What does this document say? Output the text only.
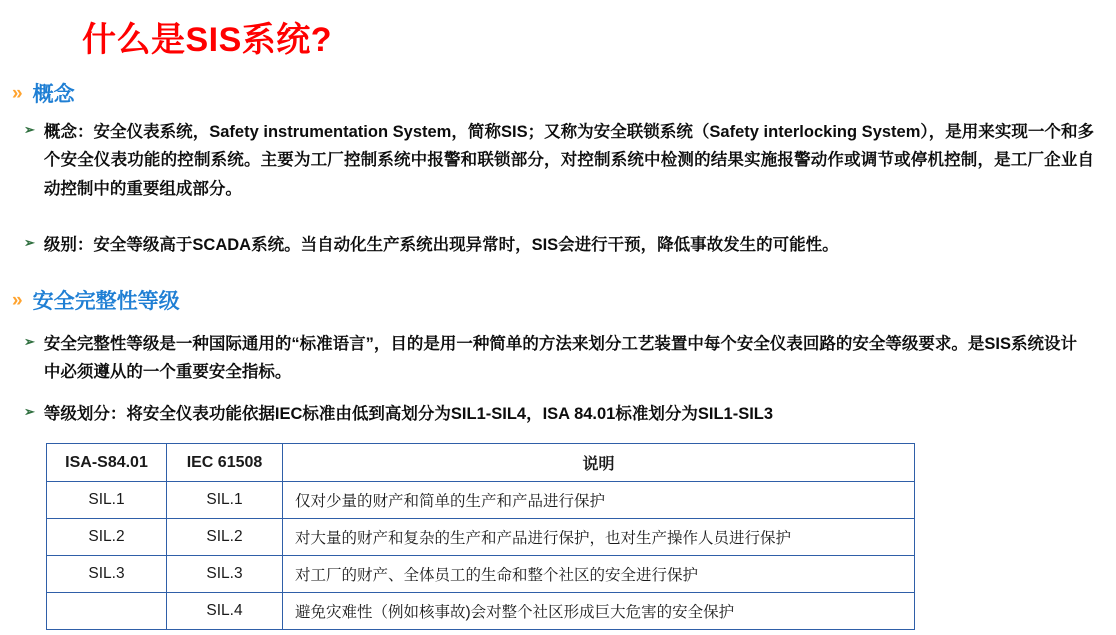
什么是SIS系统?
» 概念
➢ 概念：安全仪表系统，Safety instrumentation System，简称SIS；又称为安全联锁系统（Safety interlocking System），是用来实现一个和多个安全仪表功能的控制系统。主要为工厂控制系统中报警和联锁部分，对控制系统中检测的结果实施报警动作或调节或停机控制，是工厂企业自动控制中的重要组成部分。
➢ 级别：安全等级高于SCADA系统。当自动化生产系统出现异常时，SIS会进行干预，降低事故发生的可能性。
» 安全完整性等级
➢ 安全完整性等级是一种国际通用的“标准语言”，目的是用一种简单的方法来划分工艺装置中每个安全仪表回路的安全等级要求。是SIS系统设计中必须遵从的一个重要安全指标。
➢ 等级划分：将安全仪表功能依据IEC标准由低到高划分为SIL1-SIL4，ISA 84.01标准划分为SIL1-SIL3
ISA-S84.01	IEC 61508	说明
SIL.1	SIL.1	仅对少量的财产和简单的生产和产品进行保护
SIL.2	SIL.2	对大量的财产和复杂的生产和产品进行保护，也对生产操作人员进行保护
SIL.3	SIL.3	对工厂的财产、全体员工的生命和整个社区的安全进行保护
	SIL.4	避免灾难性（例如核事故)会对整个社区形成巨大危害的安全保护
